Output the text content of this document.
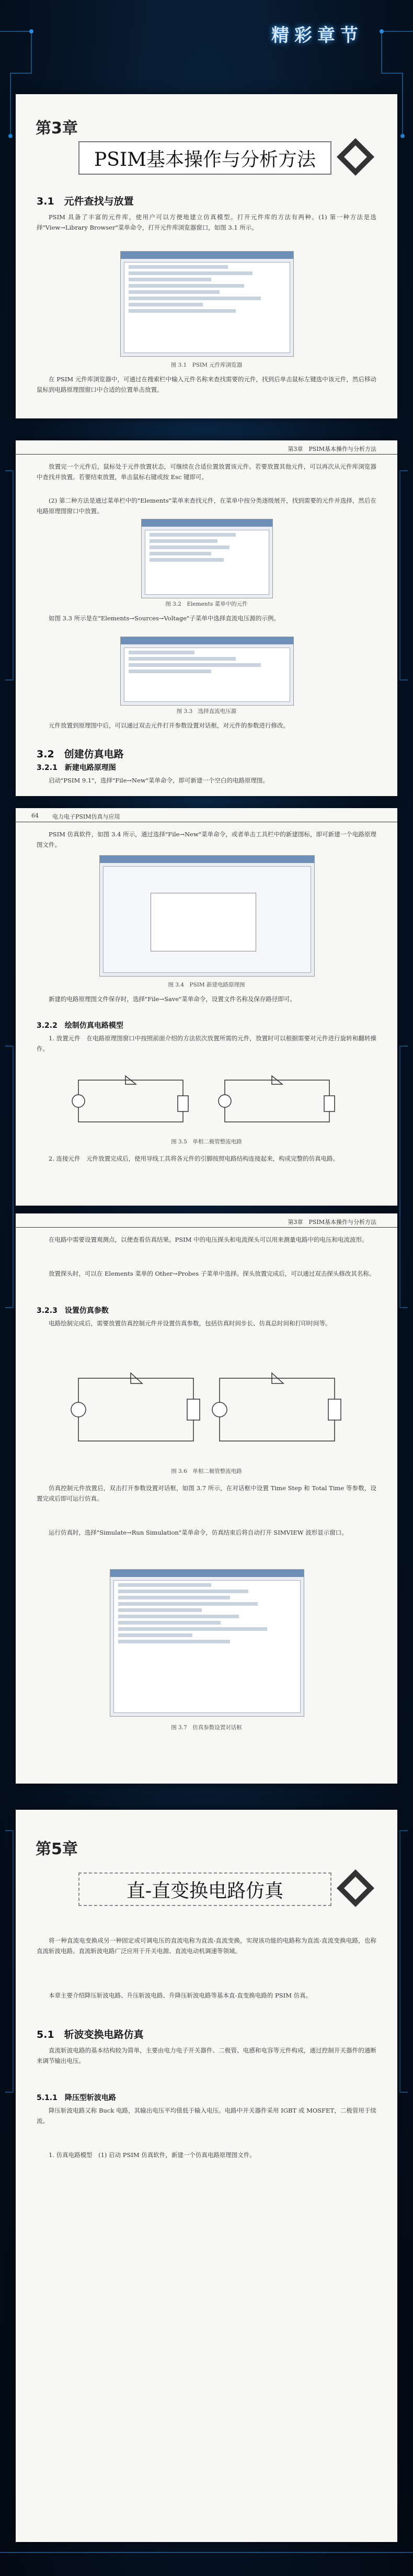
精彩章节
第3章
PSIM基本操作与分析方法
3.1　元件查找与放置
PSIM 具备了丰富的元件库，使用户可以方便地建立仿真模型。打开元件库的方法有两种。(1) 第一种方法是选择"View→Library Browser"菜单命令，打开元件库浏览器窗口，如图 3.1 所示。
图 3.1　PSIM 元件库浏览器
在 PSIM 元件库浏览器中，可通过在搜索栏中输入元件名称来查找需要的元件，找到后单击鼠标左键选中该元件，然后移动鼠标到电路原理图窗口中合适的位置单击放置。
第3章　PSIM基本操作与分析方法
放置完一个元件后，鼠标处于元件放置状态，可继续在合适位置放置该元件。若要放置其他元件，可以再次从元件库浏览器中查找并放置。若要结束放置，单击鼠标右键或按 Esc 键即可。
(2) 第二种方法是通过菜单栏中的"Elements"菜单来查找元件，在菜单中按分类逐级展开，找到需要的元件并选择，然后在电路原理图窗口中放置。
图 3.2　Elements 菜单中的元件
如图 3.3 所示是在"Elements→Sources→Voltage"子菜单中选择直流电压源的示例。
图 3.3　选择直流电压源
元件放置到原理图中后，可以通过双击元件打开参数设置对话框，对元件的参数进行修改。
3.2　创建仿真电路
3.2.1　新建电路原理图
启动"PSIM 9.1"，选择"File→New"菜单命令，即可新建一个空白的电路原理图。
64 电力电子PSIM仿真与应用
PSIM 仿真软件，如图 3.4 所示，通过选择"File→New"菜单命令，或者单击工具栏中的新建图标，即可新建一个电路原理图文件。
图 3.4　PSIM 新建电路原理图
新建的电路原理图文件保存时，选择"File→Save"菜单命令，设置文件名称及保存路径即可。
3.2.2　绘制仿真电路模型
1. 放置元件　在电路原理图窗口中按照前面介绍的方法依次放置所需的元件，放置时可以根据需要对元件进行旋转和翻转操作。
图 3.5　单相二极管整流电路
2. 连接元件　元件放置完成后，使用导线工具将各元件的引脚按照电路结构连接起来，构成完整的仿真电路。
第3章　PSIM基本操作与分析方法
在电路中需要设置观测点，以便查看仿真结果。PSIM 中的电压探头和电流探头可以用来测量电路中的电压和电流波形。
放置探头时，可以在 Elements 菜单的 Other→Probes 子菜单中选择。探头放置完成后，可以通过双击探头修改其名称。
3.2.3　设置仿真参数
电路绘制完成后，需要放置仿真控制元件并设置仿真参数，包括仿真时间步长、仿真总时间和打印时间等。
图 3.6　单相二极管整流电路
仿真控制元件放置后，双击打开参数设置对话框，如图 3.7 所示，在对话框中设置 Time Step 和 Total Time 等参数，设置完成后即可运行仿真。
运行仿真时，选择"Simulate→Run Simulation"菜单命令，仿真结束后将自动打开 SIMVIEW 波形显示窗口。
图 3.7　仿真参数设置对话框
第5章
直-直变换电路仿真
将一种直流电变换成另一种固定或可调电压的直流电称为直流-直流变换，实现该功能的电路称为直流-直流变换电路，也称直流斩波电路。直流斩波电路广泛应用于开关电源、直流电动机调速等领域。
本章主要介绍降压斩波电路、升压斩波电路、升降压斩波电路等基本直-直变换电路的 PSIM 仿真。
5.1　斩波变换电路仿真
直流斩波电路的基本结构较为简单，主要由电力电子开关器件、二极管、电感和电容等元件构成，通过控制开关器件的通断来调节输出电压。
5.1.1　降压型斩波电路
降压斩波电路又称 Buck 电路，其输出电压平均值低于输入电压。电路中开关器件采用 IGBT 或 MOSFET，二极管用于续流。
1. 仿真电路模型　(1) 启动 PSIM 仿真软件，新建一个仿真电路原理图文件。
